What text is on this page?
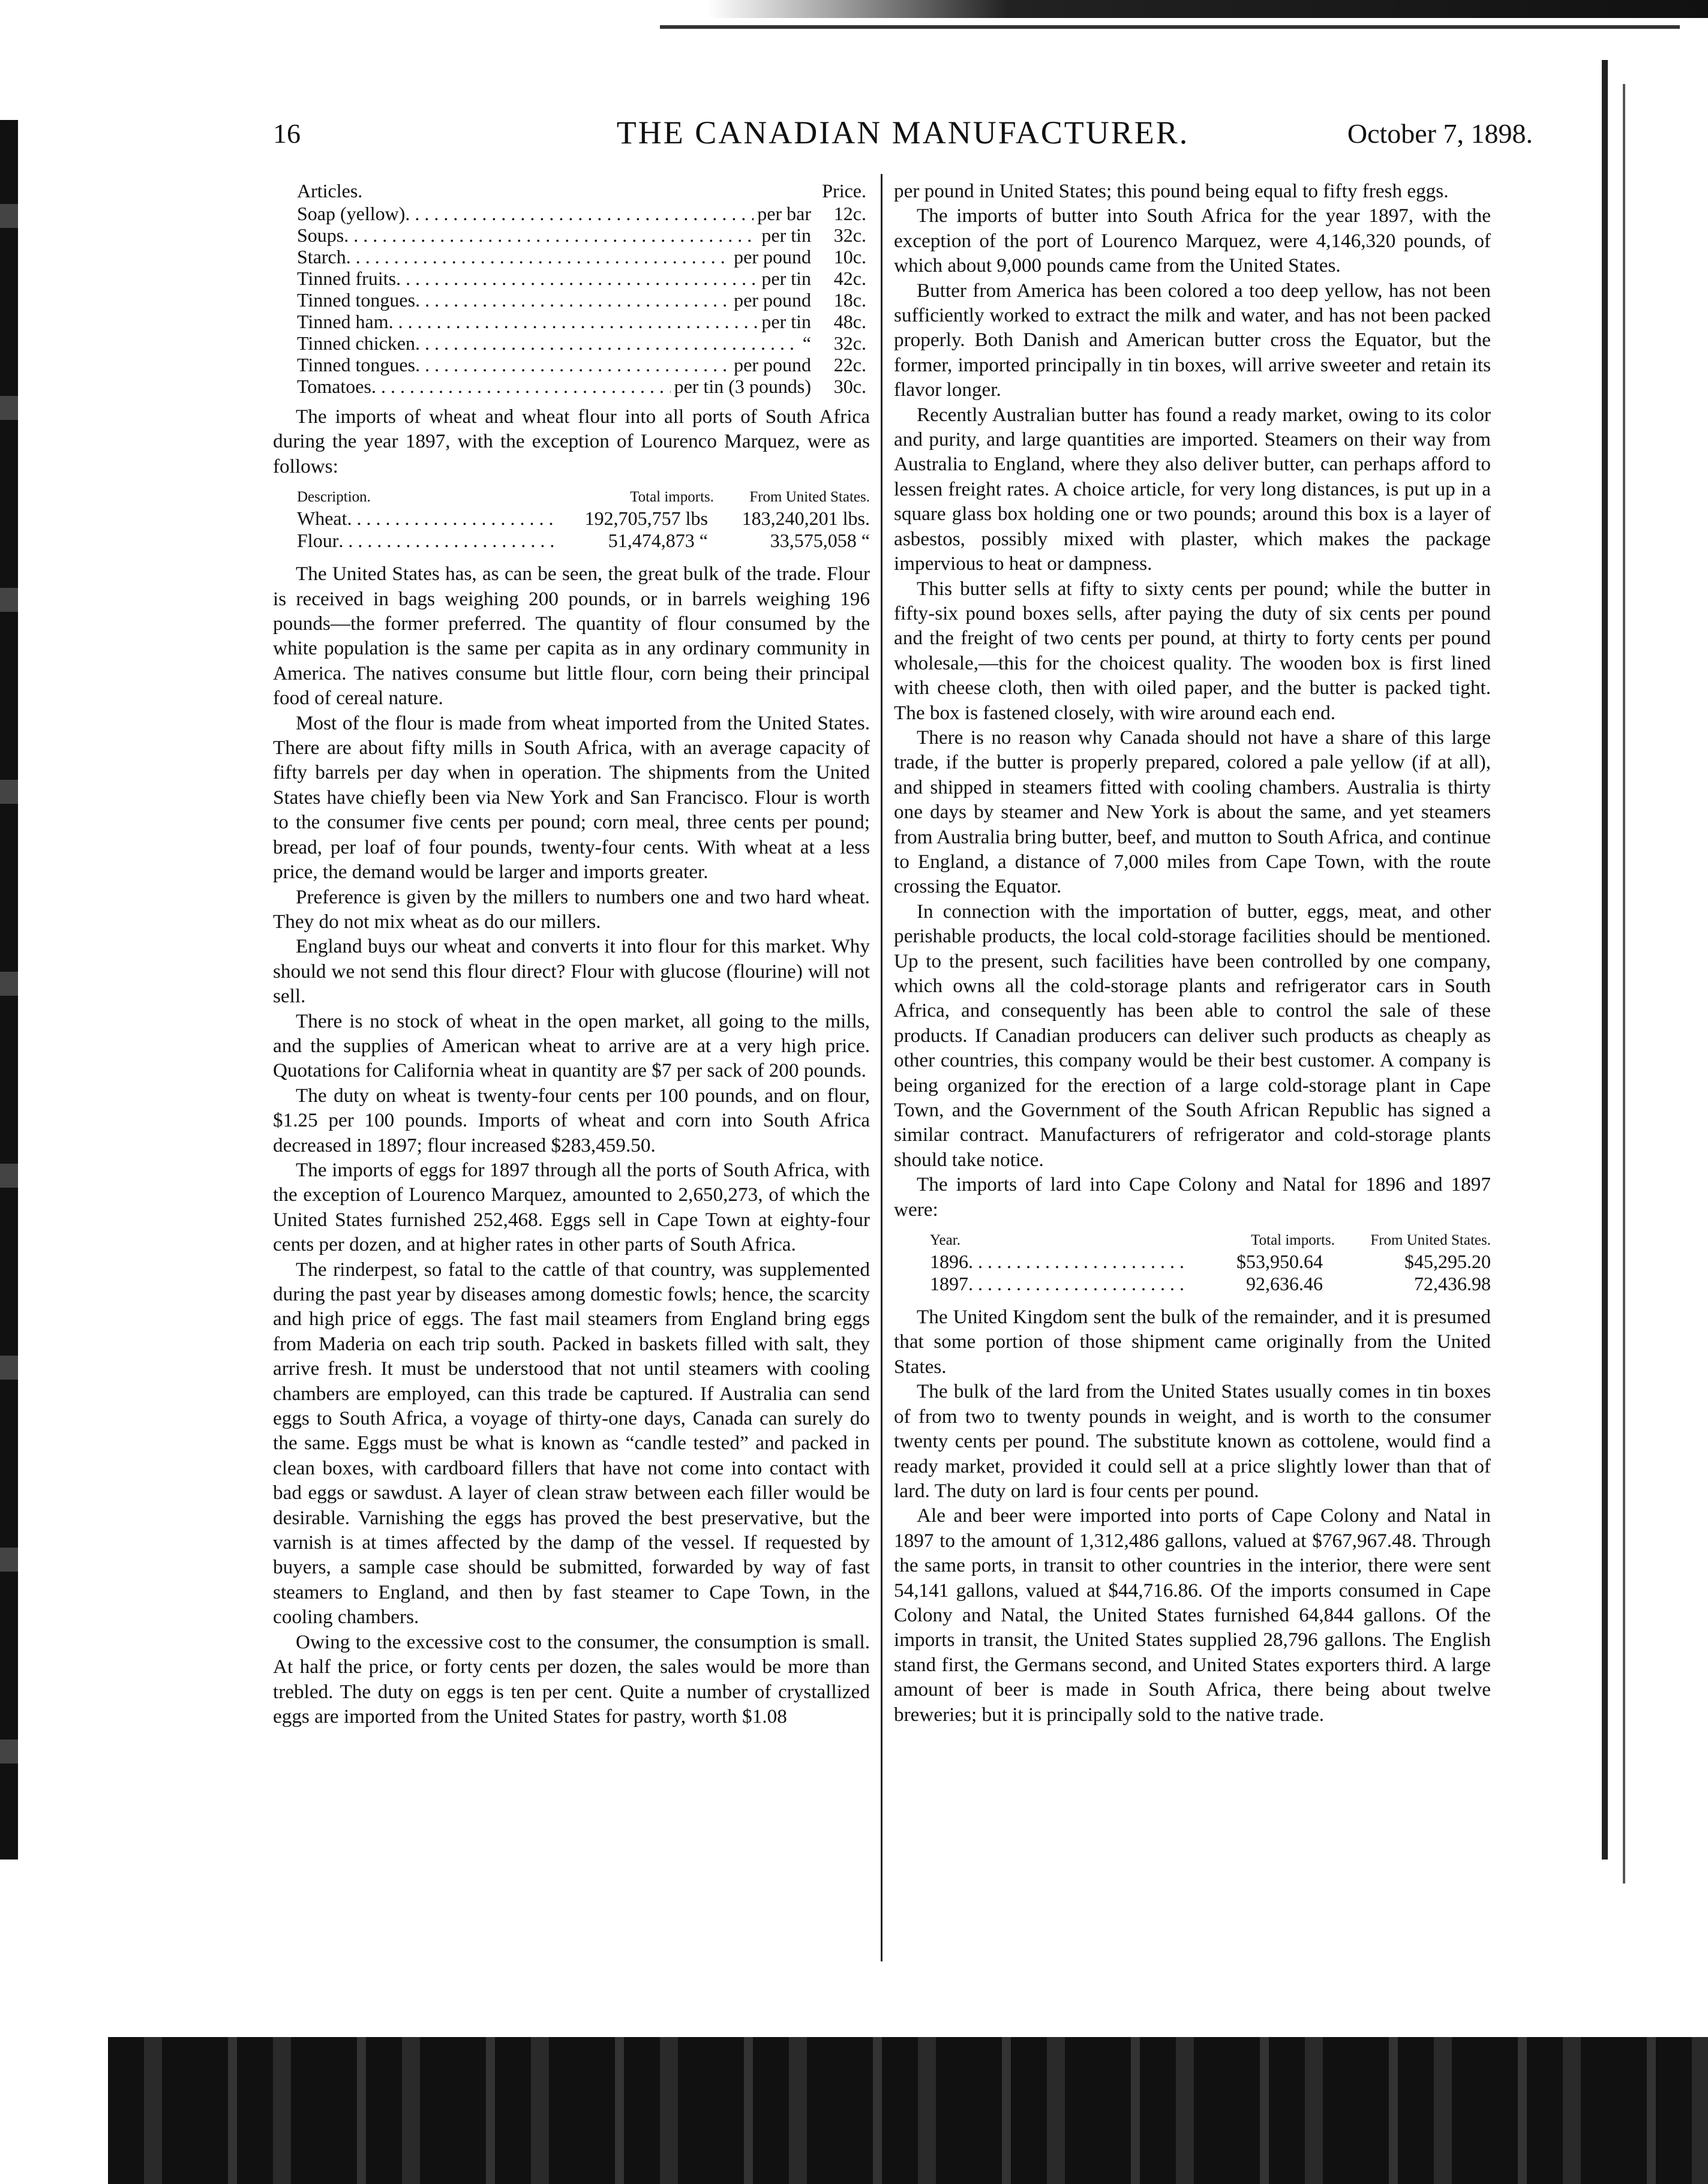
16	THE CANADIAN MANUFACTURER.	October 7, 1898.
Articles.	Price.
Soap (yellow) . . .	per bar	12c.
Soups . . .	per tin	32c.
Starch . . .	per pound	10c.
Tinned fruits . . .	per tin	42c.
Tinned tongues . . .	per pound	18c.
Tinned ham . . .	per tin	48c.
Tinned chicken . . .	“	32c.
Tinned tongues . . .	per pound	22c.
Tomatoes . . .	per tin (3 pounds)	30c.

The imports of wheat and wheat flour into all ports of South Africa during the year 1897, with the exception of Lourenco Marquez, were as follows:

Description.	Total imports.	From United States.
Wheat . . .	192,705,757 lbs	183,240,201 lbs.
Flour . . .	51,474,873 “	33,575,058 “

The United States has, as can be seen, the great bulk of the trade. Flour is received in bags weighing 200 pounds, or in barrels weighing 196 pounds—the former preferred. The quantity of flour consumed by the white population is the same per capita as in any ordinary community in America. The natives consume but little flour, corn being their principal food of cereal nature.

Most of the flour is made from wheat imported from the United States. There are about fifty mills in South Africa, with an average capacity of fifty barrels per day when in operation. The shipments from the United States have chiefly been via New York and San Francisco. Flour is worth to the consumer five cents per pound; corn meal, three cents per pound; bread, per loaf of four pounds, twenty-four cents. With wheat at a less price, the demand would be larger and imports greater.

Preference is given by the millers to numbers one and two hard wheat. They do not mix wheat as do our millers.

England buys our wheat and converts it into flour for this market. Why should we not send this flour direct? Flour with glucose (flourine) will not sell.

There is no stock of wheat in the open market, all going to the mills, and the supplies of American wheat to arrive are at a very high price. Quotations for California wheat in quantity are $7 per sack of 200 pounds.

The duty on wheat is twenty-four cents per 100 pounds, and on flour, $1.25 per 100 pounds. Imports of wheat and corn into South Africa decreased in 1897; flour increased $283,459.50.

The imports of eggs for 1897 through all the ports of South Africa, with the exception of Lourenco Marquez, amounted to 2,650,273, of which the United States furnished 252,468. Eggs sell in Cape Town at eighty-four cents per dozen, and at higher rates in other parts of South Africa.

The rinderpest, so fatal to the cattle of that country, was supplemented during the past year by diseases among domestic fowls; hence, the scarcity and high price of eggs. The fast mail steamers from England bring eggs from Maderia on each trip south. Packed in baskets filled with salt, they arrive fresh. It must be understood that not until steamers with cooling chambers are employed, can this trade be captured. If Australia can send eggs to South Africa, a voyage of thirty-one days, Canada can surely do the same. Eggs must be what is known as “candle tested” and packed in clean boxes, with cardboard fillers that have not come into contact with bad eggs or sawdust. A layer of clean straw between each filler would be desirable. Varnishing the eggs has proved the best preservative, but the varnish is at times affected by the damp of the vessel. If requested by buyers, a sample case should be submitted, forwarded by way of fast steamers to England, and then by fast steamer to Cape Town, in the cooling chambers.

Owing to the excessive cost to the consumer, the consumption is small. At half the price, or forty cents per dozen, the sales would be more than trebled. The duty on eggs is ten per cent. Quite a number of crystallized eggs are imported from the United States for pastry, worth $1.08

per pound in United States; this pound being equal to fifty fresh eggs.

The imports of butter into South Africa for the year 1897, with the exception of the port of Lourenco Marquez, were 4,146,320 pounds, of which about 9,000 pounds came from the United States.

Butter from America has been colored a too deep yellow, has not been sufficiently worked to extract the milk and water, and has not been packed properly. Both Danish and American butter cross the Equator, but the former, imported principally in tin boxes, will arrive sweeter and retain its flavor longer.

Recently Australian butter has found a ready market, owing to its color and purity, and large quantities are imported. Steamers on their way from Australia to England, where they also deliver butter, can perhaps afford to lessen freight rates. A choice article, for very long distances, is put up in a square glass box holding one or two pounds; around this box is a layer of asbestos, possibly mixed with plaster, which makes the package impervious to heat or dampness.

This butter sells at fifty to sixty cents per pound; while the butter in fifty-six pound boxes sells, after paying the duty of six cents per pound and the freight of two cents per pound, at thirty to forty cents per pound wholesale,—this for the choicest quality. The wooden box is first lined with cheese cloth, then with oiled paper, and the butter is packed tight. The box is fastened closely, with wire around each end.

There is no reason why Canada should not have a share of this large trade, if the butter is properly prepared, colored a pale yellow (if at all), and shipped in steamers fitted with cooling chambers. Australia is thirty one days by steamer and New York is about the same, and yet steamers from Australia bring butter, beef, and mutton to South Africa, and continue to England, a distance of 7,000 miles from Cape Town, with the route crossing the Equator.

In connection with the importation of butter, eggs, meat, and other perishable products, the local cold-storage facilities should be mentioned. Up to the present, such facilities have been controlled by one company, which owns all the cold-storage plants and refrigerator cars in South Africa, and consequently has been able to control the sale of these products. If Canadian producers can deliver such products as cheaply as other countries, this company would be their best customer. A company is being organized for the erection of a large cold-storage plant in Cape Town, and the Government of the South African Republic has signed a similar contract. Manufacturers of refrigerator and cold-storage plants should take notice.

The imports of lard into Cape Colony and Natal for 1896 and 1897 were:

Year.	Total imports.	From United States.
1896 . . .	$53,950.64	$45,295.20
1897 . . .	92,636.46	72,436.98

The United Kingdom sent the bulk of the remainder, and it is presumed that some portion of those shipment came originally from the United States.

The bulk of the lard from the United States usually comes in tin boxes of from two to twenty pounds in weight, and is worth to the consumer twenty cents per pound. The substitute known as cottolene, would find a ready market, provided it could sell at a price slightly lower than that of lard. The duty on lard is four cents per pound.

Ale and beer were imported into ports of Cape Colony and Natal in 1897 to the amount of 1,312,486 gallons, valued at $767,967.48. Through the same ports, in transit to other countries in the interior, there were sent 54,141 gallons, valued at $44,716.86. Of the imports consumed in Cape Colony and Natal, the United States furnished 64,844 gallons. Of the imports in transit, the United States supplied 28,796 gallons. The English stand first, the Germans second, and United States exporters third. A large amount of beer is made in South Africa, there being about twelve breweries; but it is principally sold to the native trade.
